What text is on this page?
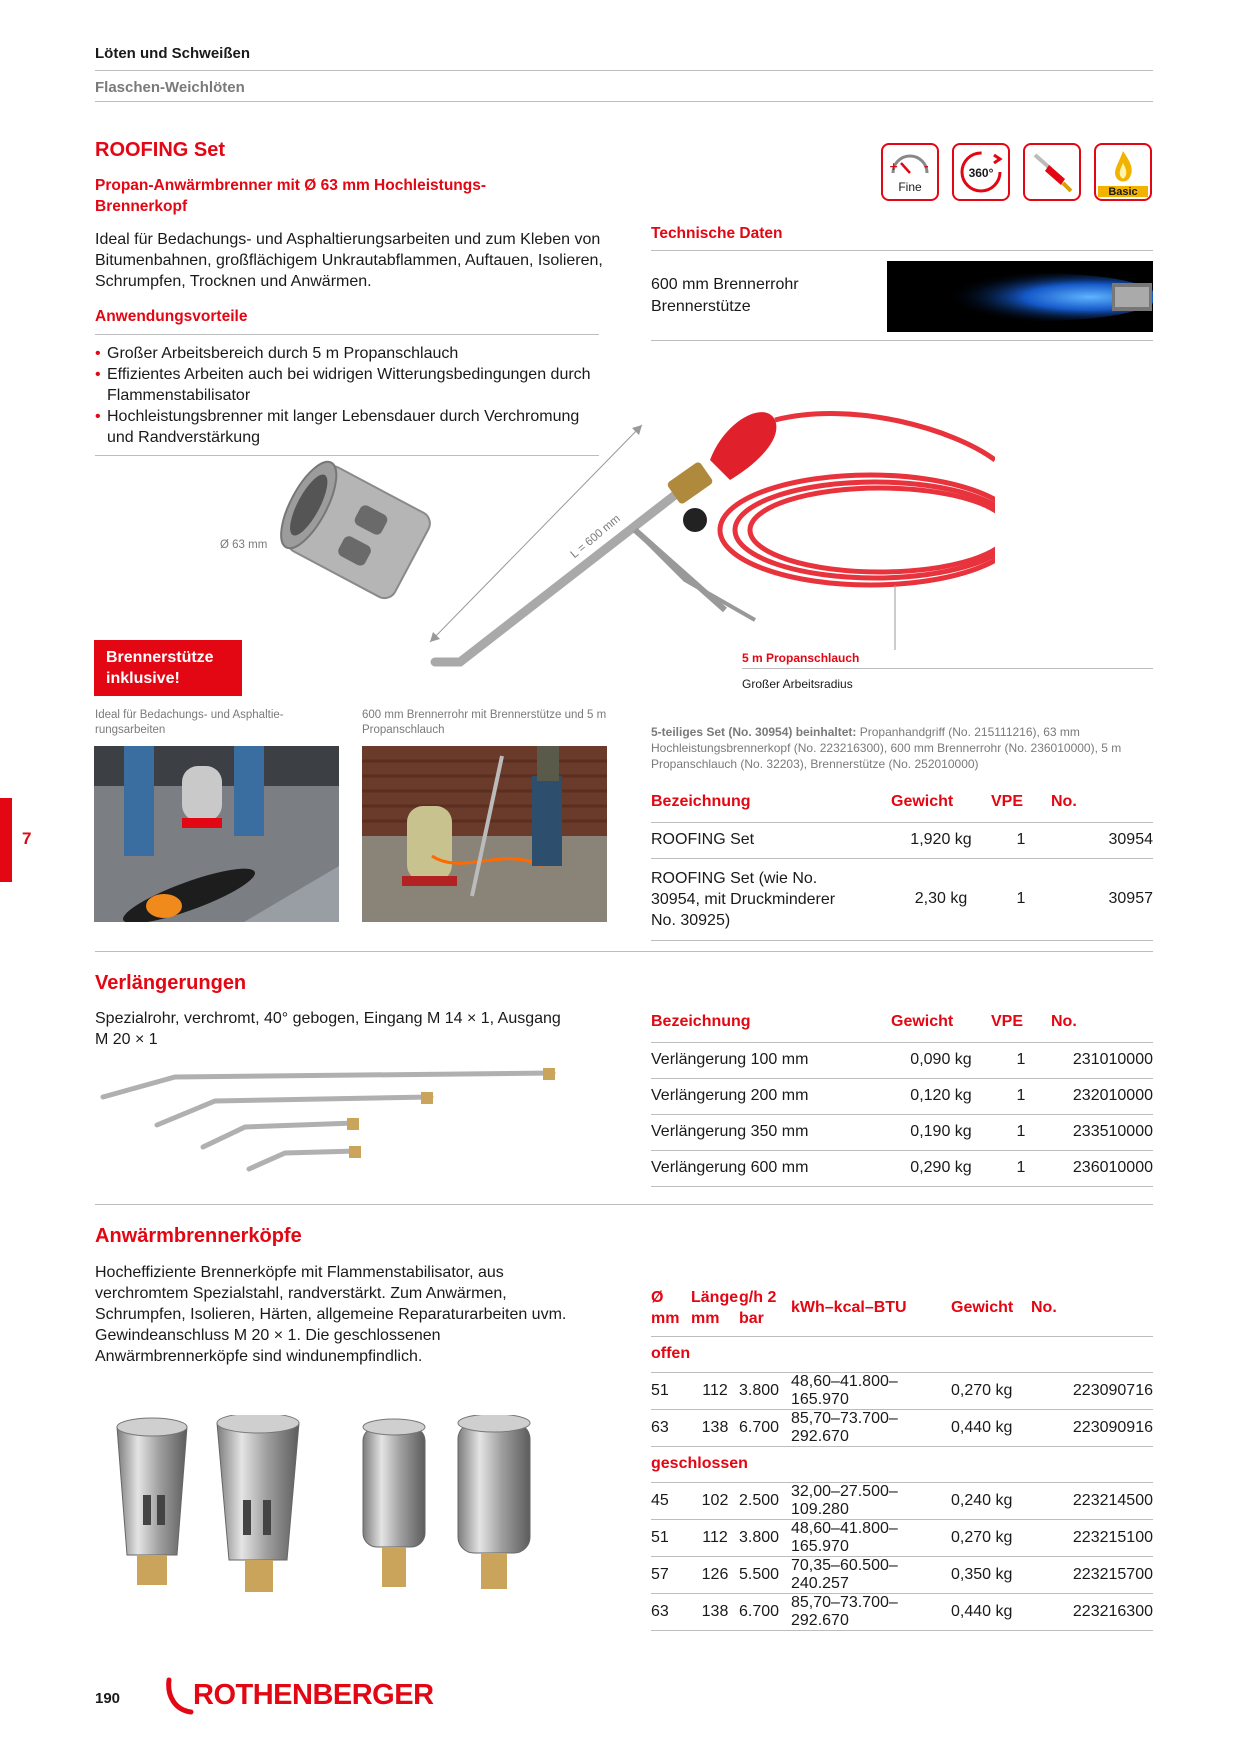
Löten und Schweißen
Flaschen-Weichlöten
7
ROOFING Set
Propan-Anwärmbrenner mit Ø 63 mm Hochleistungs-Brennerkopf
Ideal für Bedachungs- und Asphaltierungsarbeiten und zum Kleben von Bitumenbahnen, großflächigem Unkrautabflammen, Auftauen, Isolieren, Schrumpfen, Trocknen und Anwärmen.
Anwendungsvorteile
• Großer Arbeitsbereich durch 5 m Propanschlauch
• Effizientes Arbeiten auch bei widrigen Witterungsbedingungen durch Flammenstabilisator
• Hochleistungsbrenner mit langer Lebensdauer durch Verchromung und Randverstärkung
+ -
Fine
360°
Basic
Technische Daten
600 mm Brennerrohr
Brennerstütze
Ø 63 mm	L = 600 mm
5 m Propanschlauch
Großer Arbeitsradius
Brennerstütze inklusive!
Ideal für Bedachungs- und Asphaltie-rungsarbeiten
600 mm Brennerrohr mit Brennerstütze und 5 m Propanschlauch	5-teiliges Set (No. 30954) beinhaltet: Propanhandgriff (No. 215111216), 63 mm Hochleistungsbrennerkopf (No. 223216300), 600 mm Brennerrohr (No. 236010000), 5 m Propanschlauch (No. 32203), Brennerstütze (No. 252010000)
Bezeichnung	Gewicht	VPE	No.
ROOFING Set	1,920 kg	1	30954
ROOFING Set (wie No. 30954, mit Druckminderer No. 30925)	2,30 kg	1	30957
Verlängerungen
Spezialrohr, verchromt, 40° gebogen, Eingang M 14 × 1, Ausgang M 20 × 1
Bezeichnung	Gewicht	VPE	No.
Verlängerung 100 mm	0,090 kg	1	231010000
Verlängerung 200 mm	0,120 kg	1	232010000
Verlängerung 350 mm	0,190 kg	1	233510000
Verlängerung 600 mm	0,290 kg	1	236010000
Anwärmbrennerköpfe
Hocheffiziente Brennerköpfe mit Flammenstabilisator, aus verchromtem Spezialstahl, randverstärkt. Zum Anwärmen, Schrumpfen, Isolieren, Härten, allgemeine Reparaturarbeiten uvm. Gewindeanschluss M 20 × 1. Die geschlossenen Anwärmbrennerköpfe sind windunempfindlich.
Ø mm	Länge mm	g/h 2 bar	kWh–kcal–BTU	Gewicht	No.
offen					
51	112	3.800	48,60–41.800–165.970	0,270 kg	223090716
63	138	6.700	85,70–73.700–292.670	0,440 kg	223090916
geschlossen					
45	102	2.500	32,00–27.500–109.280	0,240 kg	223214500
51	112	3.800	48,60–41.800–165.970	0,270 kg	223215100
57	126	5.500	70,35–60.500–240.257	0,350 kg	223215700
63	138	6.700	85,70–73.700–292.670	0,440 kg	223216300
190	ROTHENBERGER
